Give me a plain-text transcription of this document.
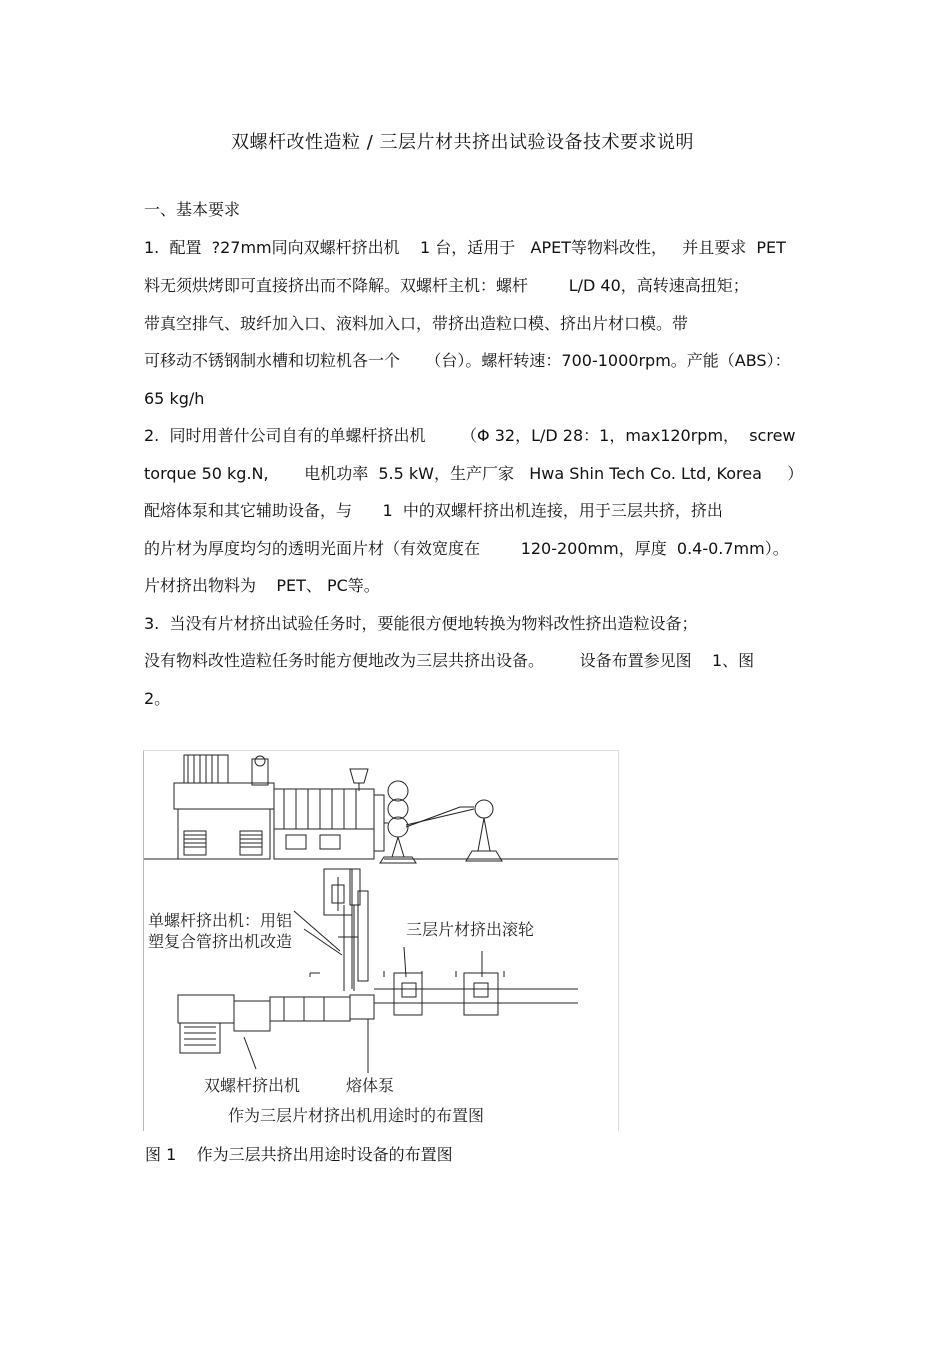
双螺杆改性造粒 / 三层片材共挤出试验设备技术要求说明
一、基本要求
1.  配置  ?27mm同向双螺杆挤出机    1 台，适用于   APET等物料改性，   并且要求  PET
料无须烘烤即可直接挤出而不降解。双螺杆主机：螺杆        L/D 40，高转速高扭矩；
带真空排气、玻纤加入口、液料加入口，带挤出造粒口模、挤出片材口模。带
可移动不锈钢制水槽和切粒机各一个     （台）。螺杆转速：700-1000rpm。产能（ABS）：
65 kg/h
2.  同时用普什公司自有的单螺杆挤出机       （Φ 32，L/D 28：1，max120rpm，  screw
torque 50 kg.N,       电机功率  5.5 kW，生产厂家   Hwa Shin Tech Co. Ltd, Korea     ）
配熔体泵和其它辅助设备，与      1  中的双螺杆挤出机连接，用于三层共挤，挤出
的片材为厚度均匀的透明光面片材（有效宽度在        120-200mm，厚度  0.4-0.7mm）。
片材挤出物料为    PET、 PC等。
3.  当没有片材挤出试验任务时，要能很方便地转换为物料改性挤出造粒设备；
没有物料改性造粒任务时能方便地改为三层共挤出设备。       设备布置参见图    1、图
2。
单螺杆挤出机：用铝
塑复合管挤出机改造
三层片材挤出滚轮
双螺杆挤出机	熔体泵
作为三层片材挤出机用途时的布置图
图 1    作为三层共挤出用途时设备的布置图
